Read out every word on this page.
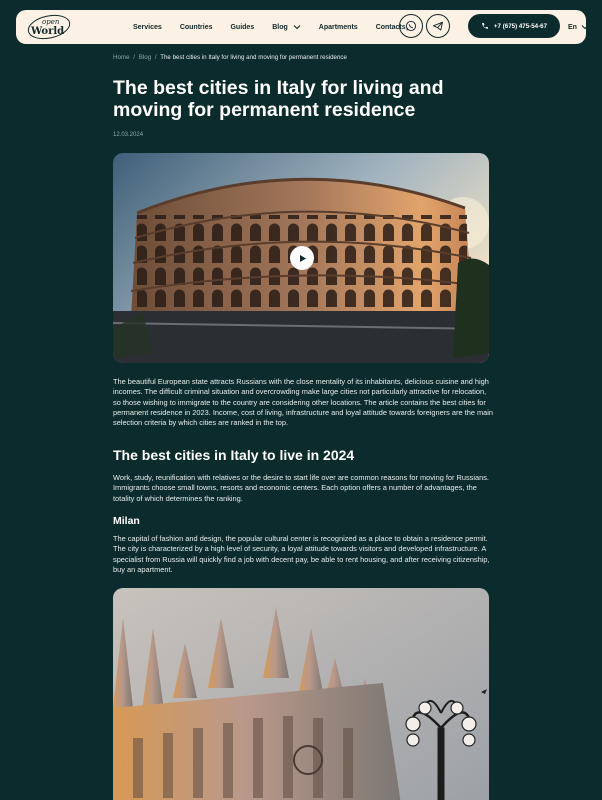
open
World	Services	Countries	Guides	Blog	Apartments	Contacts	+7 (675) 475-54-67	En
Home / Blog / The best cities in Italy for living and moving for permanent residence
The best cities in Italy for living and moving for permanent residence
12.03.2024

The beautiful European state attracts Russians with the close mentality of its inhabitants, delicious cuisine and high incomes. The difficult criminal situation and overcrowding make large cities not particularly attractive for relocation, so those wishing to immigrate to the country are considering other locations. The article contains the best cities for permanent residence in 2023. Income, cost of living, infrastructure and loyal attitude towards foreigners are the main selection criteria by which cities are ranked in the top.

The best cities in Italy to live in 2024

Work, study, reunification with relatives or the desire to start life over are common reasons for moving for Russians. Immigrants choose small towns, resorts and economic centers. Each option offers a number of advantages, the totality of which determines the ranking.

Milan

The capital of fashion and design, the popular cultural center is recognized as a place to obtain a residence permit. The city is characterized by a high level of security, a loyal attitude towards visitors and developed infrastructure. A specialist from Russia will quickly find a job with decent pay, be able to rent housing, and after receiving citizenship, buy an apartment.
